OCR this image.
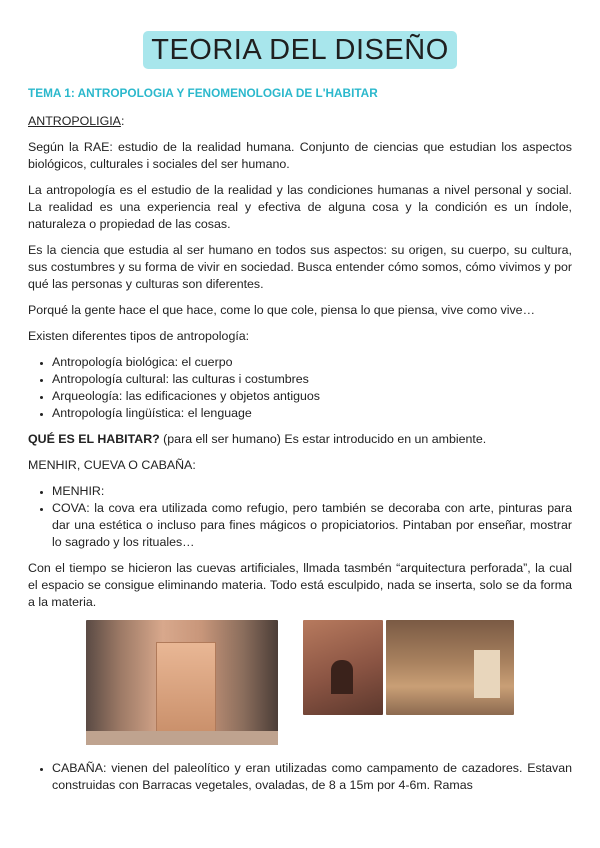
TEORIA DEL DISEÑO
TEMA 1: ANTROPOLOGIA Y FENOMENOLOGIA DE L'HABITAR
ANTROPOLIGIA:

Según la RAE: estudio de la realidad humana. Conjunto de ciencias que estudian los aspectos biológicos, culturales i sociales del ser humano.

La antropología es el estudio de la realidad y las condiciones humanas a nivel personal y social. La realidad es una experiencia real y efectiva de alguna cosa y la condición es un índole, naturaleza o propiedad de las cosas.

Es la ciencia que estudia al ser humano en todos sus aspectos: su origen, su cuerpo, su cultura, sus costumbres y su forma de vivir en sociedad. Busca entender cómo somos, cómo vivimos y por qué las personas y culturas son diferentes.

Porqué la gente hace el que hace, come lo que cole, piensa lo que piensa, vive como vive…

Existen diferentes tipos de antropología:

• Antropología biológica: el cuerpo
• Antropología cultural: las culturas i costumbres
• Arqueología: las edificaciones y objetos antiguos
• Antropología lingüística: el lenguage

QUÉ ES EL HABITAR? (para ell ser humano) Es estar introducido en un ambiente.

MENHIR, CUEVA O CABAÑA:

• MENHIR:
• COVA: la cova era utilizada como refugio, pero también se decoraba con arte, pinturas para dar una estética o incluso para fines mágicos o propiciatorios. Pintaban por enseñar, mostrar lo sagrado y los rituales…

Con el tiempo se hicieron las cuevas artificiales, llmada tasmbén “arquitectura perforada”, la cual el espacio se consigue eliminando materia. Todo está esculpido, nada se inserta, solo se da forma a la materia.

• CABAÑA: vienen del paleolítico y eran utilizadas como campamento de cazadores. Estavan construidas con Barracas vegetales, ovaladas, de 8 a 15m por 4-6m. Ramas
